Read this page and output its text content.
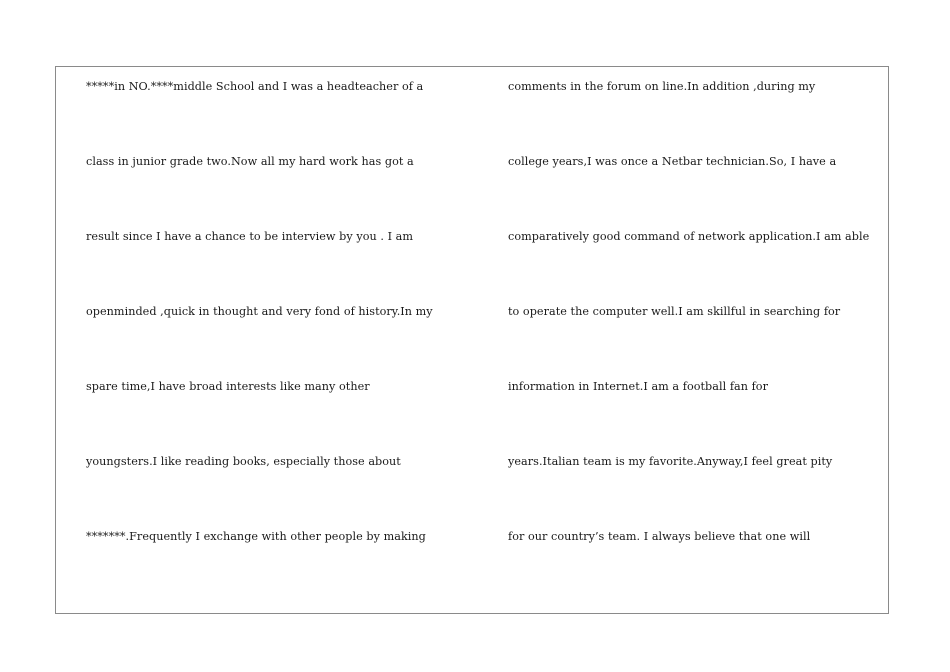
*****in NO.****middle School and I was a headteacher of a
class in junior grade two.Now all my hard work has got a
result since I have a chance to be interview by you . I am
openminded ,quick in thought and very fond of history.In my
spare time,I have broad interests like many other
youngsters.I like reading books, especially those about
*******.Frequently I exchange with other people by making
comments in the forum on line.In addition ,during my
college years,I was once a Netbar technician.So, I have a
comparatively good command of network application.I am able
to operate the computer well.I am skillful in searching for
information in Internet.I am a football fan for
years.Italian team is my favorite.Anyway,I feel great pity
for our country’s team. I always believe that one will
